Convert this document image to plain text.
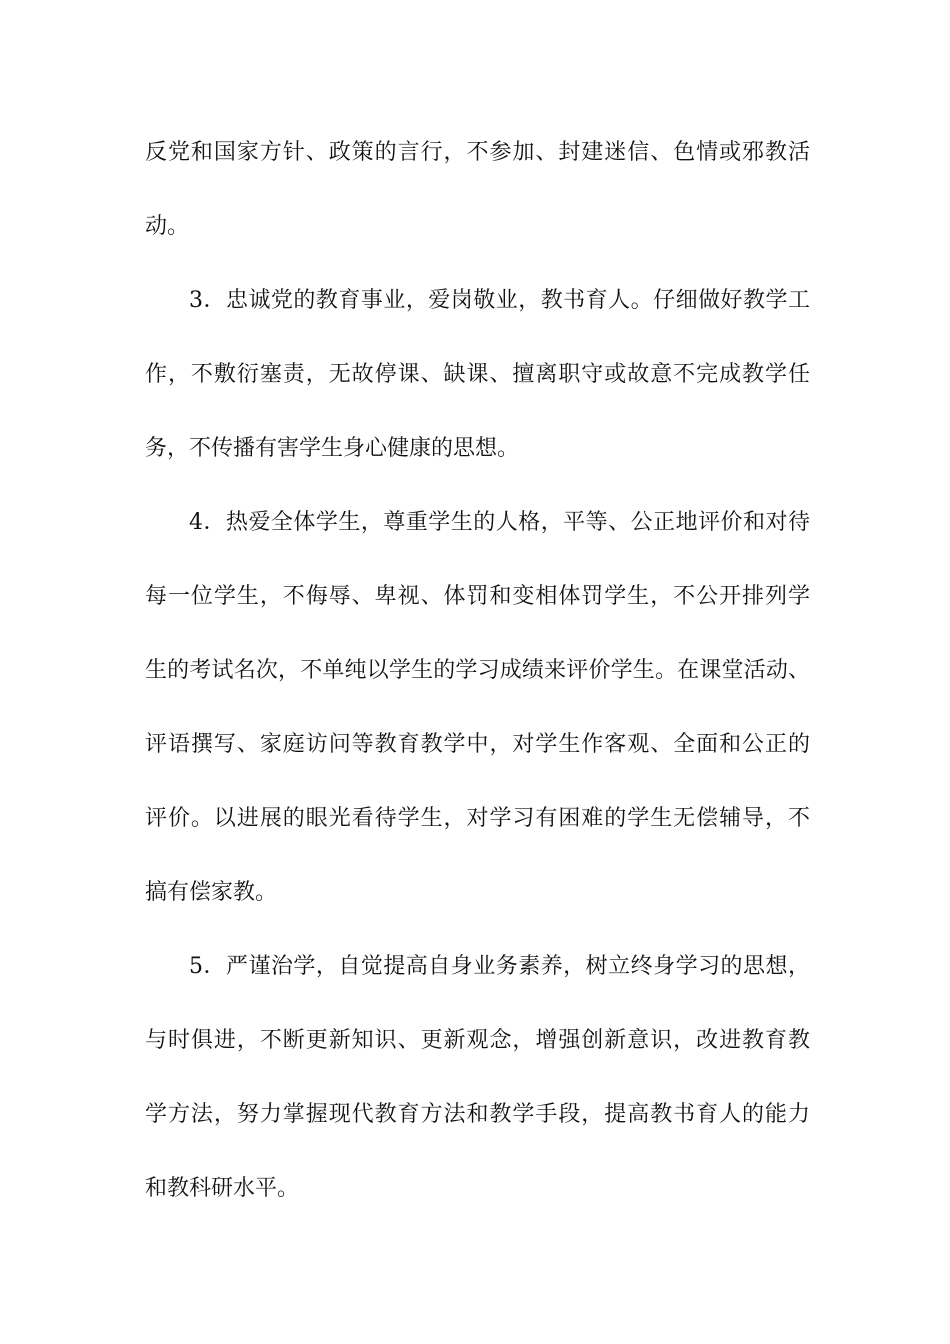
反党和国家方针、政策的言行，不参加、封建迷信、色情或邪教活
动。
3．忠诚党的教育事业，爱岗敬业，教书育人。仔细做好教学工
作，不敷衍塞责，无故停课、缺课、擅离职守或故意不完成教学任
务，不传播有害学生身心健康的思想。
4．热爱全体学生，尊重学生的人格，平等、公正地评价和对待
每一位学生，不侮辱、卑视、体罚和变相体罚学生，不公开排列学
生的考试名次，不单纯以学生的学习成绩来评价学生。在课堂活动、
评语撰写、家庭访问等教育教学中，对学生作客观、全面和公正的
评价。以进展的眼光看待学生，对学习有困难的学生无偿辅导，不
搞有偿家教。
5．严谨治学，自觉提高自身业务素养，树立终身学习的思想，
与时俱进，不断更新知识、更新观念，增强创新意识，改进教育教
学方法，努力掌握现代教育方法和教学手段，提高教书育人的能力
和教科研水平。
